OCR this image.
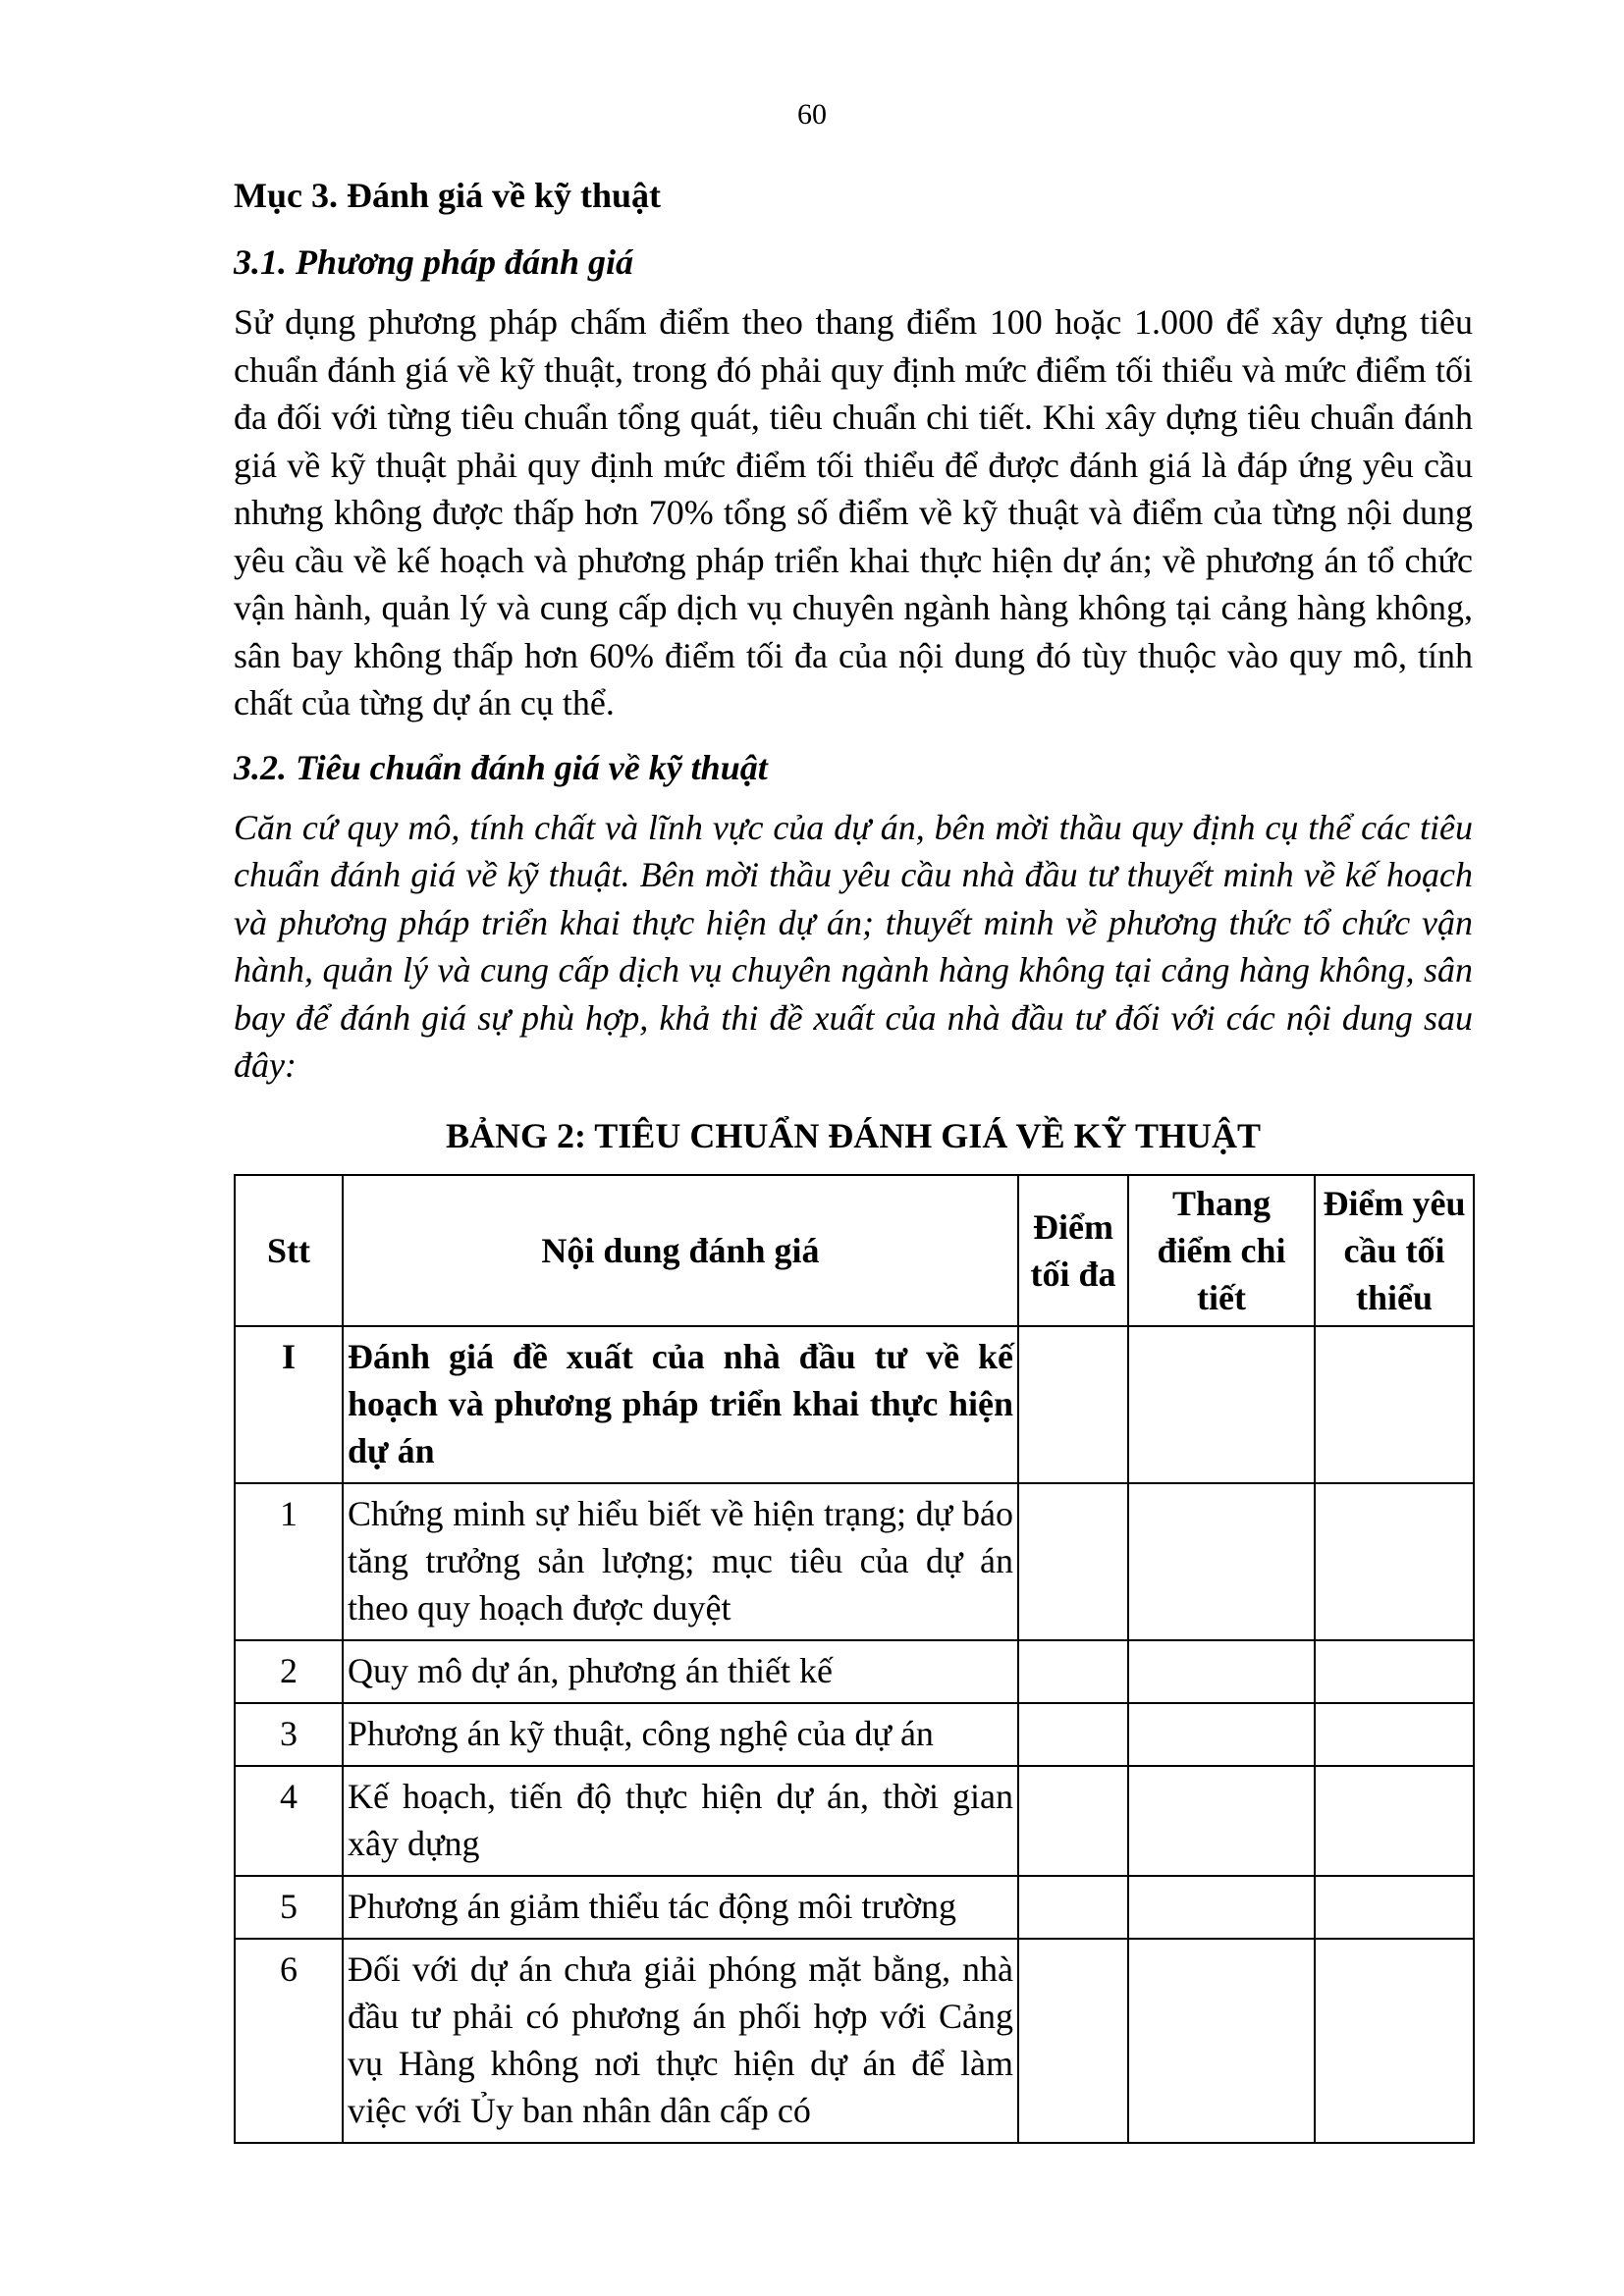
60

Mục 3. Đánh giá về kỹ thuật

3.1. Phương pháp đánh giá

Sử dụng phương pháp chấm điểm theo thang điểm 100 hoặc 1.000 để xây dựng tiêu chuẩn đánh giá về kỹ thuật, trong đó phải quy định mức điểm tối thiểu và mức điểm tối đa đối với từng tiêu chuẩn tổng quát, tiêu chuẩn chi tiết. Khi xây dựng tiêu chuẩn đánh giá về kỹ thuật phải quy định mức điểm tối thiểu để được đánh giá là đáp ứng yêu cầu nhưng không được thấp hơn 70% tổng số điểm về kỹ thuật và điểm của từng nội dung yêu cầu về kế hoạch và phương pháp triển khai thực hiện dự án; về phương án tổ chức vận hành, quản lý và cung cấp dịch vụ chuyên ngành hàng không tại cảng hàng không, sân bay không thấp hơn 60% điểm tối đa của nội dung đó tùy thuộc vào quy mô, tính chất của từng dự án cụ thể.

3.2. Tiêu chuẩn đánh giá về kỹ thuật

Căn cứ quy mô, tính chất và lĩnh vực của dự án, bên mời thầu quy định cụ thể các tiêu chuẩn đánh giá về kỹ thuật. Bên mời thầu yêu cầu nhà đầu tư thuyết minh về kế hoạch và phương pháp triển khai thực hiện dự án; thuyết minh về phương thức tổ chức vận hành, quản lý và cung cấp dịch vụ chuyên ngành hàng không tại cảng hàng không, sân bay để đánh giá sự phù hợp, khả thi đề xuất của nhà đầu tư đối với các nội dung sau đây:

BẢNG 2: TIÊU CHUẨN ĐÁNH GIÁ VỀ KỸ THUẬT

Stt	Nội dung đánh giá	Điểm tối đa	Thang điểm chi tiết	Điểm yêu cầu tối thiểu
I	Đánh giá đề xuất của nhà đầu tư về kế hoạch và phương pháp triển khai thực hiện dự án			
1	Chứng minh sự hiểu biết về hiện trạng; dự báo tăng trưởng sản lượng; mục tiêu của dự án theo quy hoạch được duyệt			
2	Quy mô dự án, phương án thiết kế			
3	Phương án kỹ thuật, công nghệ của dự án			
4	Kế hoạch, tiến độ thực hiện dự án, thời gian xây dựng			
5	Phương án giảm thiểu tác động môi trường			
6	Đối với dự án chưa giải phóng mặt bằng, nhà đầu tư phải có phương án phối hợp với Cảng vụ Hàng không nơi thực hiện dự án để làm việc với Ủy ban nhân dân cấp có			
